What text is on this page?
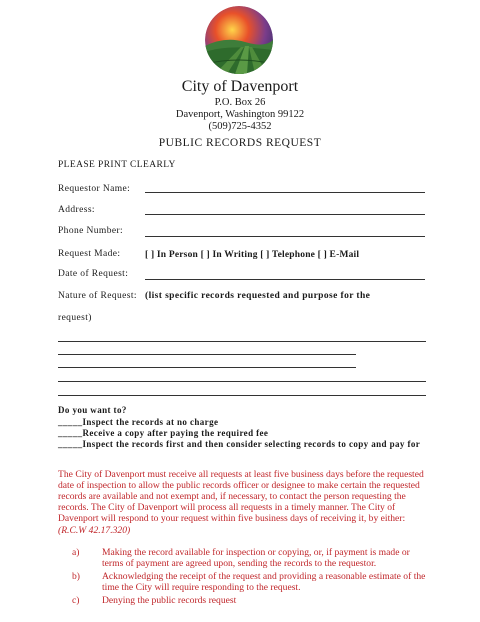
City of Davenport
P.O. Box 26
Davenport, Washington 99122
(509)725-4352
PUBLIC RECORDS REQUEST
PLEASE PRINT CLEARLY
Requestor Name:
Address:
Phone Number:
Request Made:	[ ] In Person [ ] In Writing [ ] Telephone [ ] E-Mail
Date of Request:
Nature of Request: (list specific records requested and purpose for the
request)
Do you want to?
_____Inspect the records at no charge
_____Receive a copy after paying the required fee
_____Inspect the records first and then consider selecting records to copy and pay for
The City of Davenport must receive all requests at least five business days before the requested
date of inspection to allow the public records officer or designee to make certain the requested
records are available and not exempt and, if necessary, to contact the person requesting the
records. The City of Davenport will process all requests in a timely manner. The City of
Davenport will respond to your request within five business days of receiving it, by either:
(R.C.W 42.17.320)
a) Making the record available for inspection or copying, or, if payment is made or
terms of payment are agreed upon, sending the records to the requestor.
b) Acknowledging the receipt of the request and providing a reasonable estimate of the
time the City will require responding to the request.
c) Denying the public records request
